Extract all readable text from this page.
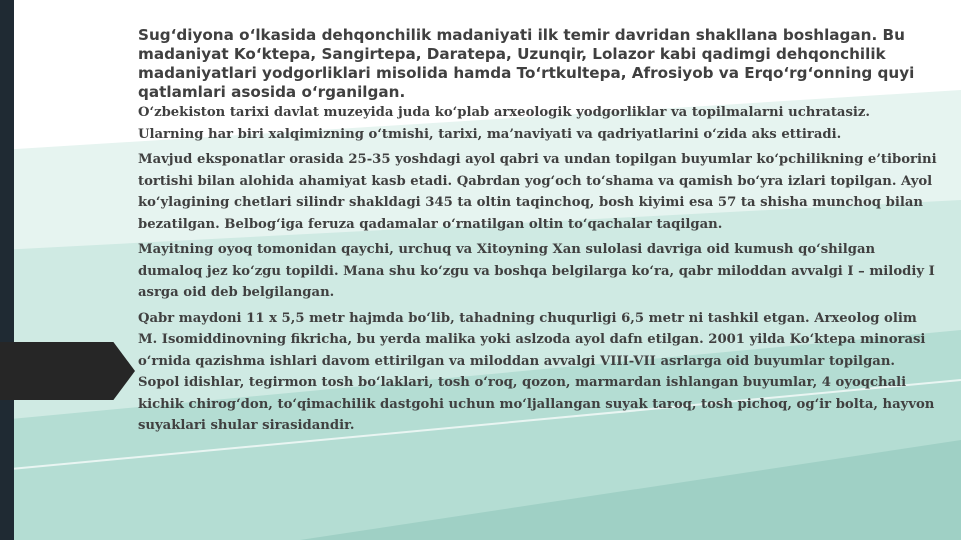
Sug‘diyona o‘lkasida dehqonchilik madaniyati ilk temir davridan shakllana boshlagan. Bu madaniyat Ko‘ktepa, Sangirtepa, Daratepa, Uzunqir, Lolazor kabi qadimgi dehqonchilik madaniyatlari yodgorliklari misolida hamda To‘rtkultepa, Afrosiyob va Erqo‘rg‘onning quyi qatlamlari asosida o‘rganilgan.

O‘zbekiston tarixi davlat muzeyida juda ko‘plab arxeologik yodgorliklar va topilmalarni uchratasiz. Ularning har biri xalqimizning o‘tmishi, tarixi, ma’naviyati va qadriyatlarini o‘zida aks ettiradi.

Mavjud eksponatlar orasida 25-35 yoshdagi ayol qabri va undan topilgan buyumlar ko‘pchilikning e’tiborini tortishi bilan alohida ahamiyat kasb etadi. Qabrdan yog‘och to‘shama va qamish bo‘yra izlari topilgan. Ayol ko‘ylagining chetlari silindr shakldagi 345 ta oltin taqinchoq, bosh kiyimi esa 57 ta shisha munchoq bilan bezatilgan. Belbog‘iga feruza qadamalar o‘rnatilgan oltin to‘qachalar taqilgan.

Mayitning oyoq tomonidan qaychi, urchuq va Xitoyning Xan sulolasi davriga oid kumush qo‘shilgan dumaloq jez ko‘zgu topildi. Mana shu ko‘zgu va boshqa belgilarga ko‘ra, qabr miloddan avvalgi I – milodiy I asrga oid deb belgilangan.

Qabr maydoni 11 x 5,5 metr hajmda bo‘lib, tahadning chuqurligi 6,5 metr ni tashkil etgan. Arxeolog olim M. Isomiddinovning fikricha, bu yerda malika yoki aslzoda ayol dafn etilgan. 2001 yilda Ko‘ktepa minorasi o‘rnida qazishma ishlari davom ettirilgan va miloddan avvalgi VIII-VII asrlarga oid buyumlar topilgan. Sopol idishlar, tegirmon tosh bo‘laklari, tosh o‘roq, qozon, marmardan ishlangan buyumlar, 4 oyoqchali kichik chirog‘don, to‘qimachilik dastgohi uchun mo‘ljallangan suyak taroq, tosh pichoq, og‘ir bolta, hayvon suyaklari shular sirasidandir.
